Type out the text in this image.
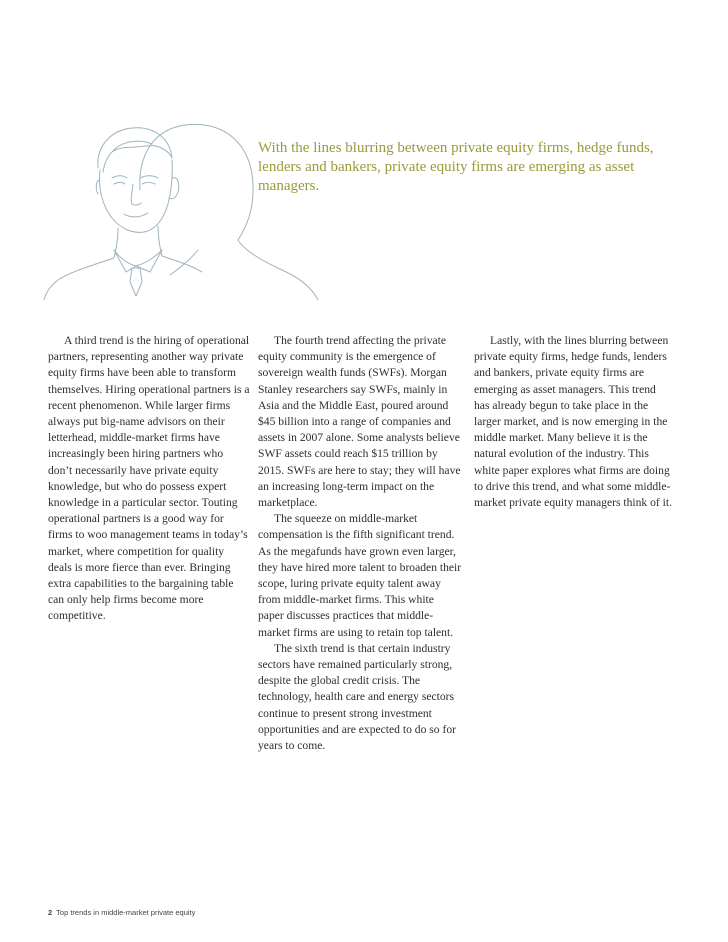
With the lines blurring between private equity firms, hedge funds, lenders and bankers, private equity firms are emerging as asset managers.

A third trend is the hiring of operational partners, representing another way private equity firms have been able to transform themselves. Hiring operational partners is a recent phenomenon. While larger firms always put big-name advisors on their letterhead, middle-market firms have increasingly been hiring partners who don’t necessarily have private equity knowledge, but who do possess expert knowledge in a particular sector. Touting operational partners is a good way for firms to woo management teams in today’s market, where competition for quality deals is more fierce than ever. Bringing extra capabilities to the bargaining table can only help firms become more competitive.

The fourth trend affecting the private equity community is the emergence of sovereign wealth funds (SWFs). Morgan Stanley researchers say SWFs, mainly in Asia and the Middle East, poured around $45 billion into a range of companies and assets in 2007 alone. Some analysts believe SWF assets could reach $15 trillion by 2015. SWFs are here to stay; they will have an increasing long-term impact on the marketplace.

The squeeze on middle-market compensation is the fifth significant trend. As the megafunds have grown even larger, they have hired more talent to broaden their scope, luring private equity talent away from middle-market firms. This white paper discusses practices that middle-market firms are using to retain top talent.

The sixth trend is that certain industry sectors have remained particularly strong, despite the global credit crisis. The technology, health care and energy sectors continue to present strong investment opportunities and are expected to do so for years to come.

Lastly, with the lines blurring between private equity firms, hedge funds, lenders and bankers, private equity firms are emerging as asset managers. This trend has already begun to take place in the larger market, and is now emerging in the middle market. Many believe it is the natural evolution of the industry. This white paper explores what firms are doing to drive this trend, and what some middle-market private equity managers think of it.

2 Top trends in middle-market private equity
